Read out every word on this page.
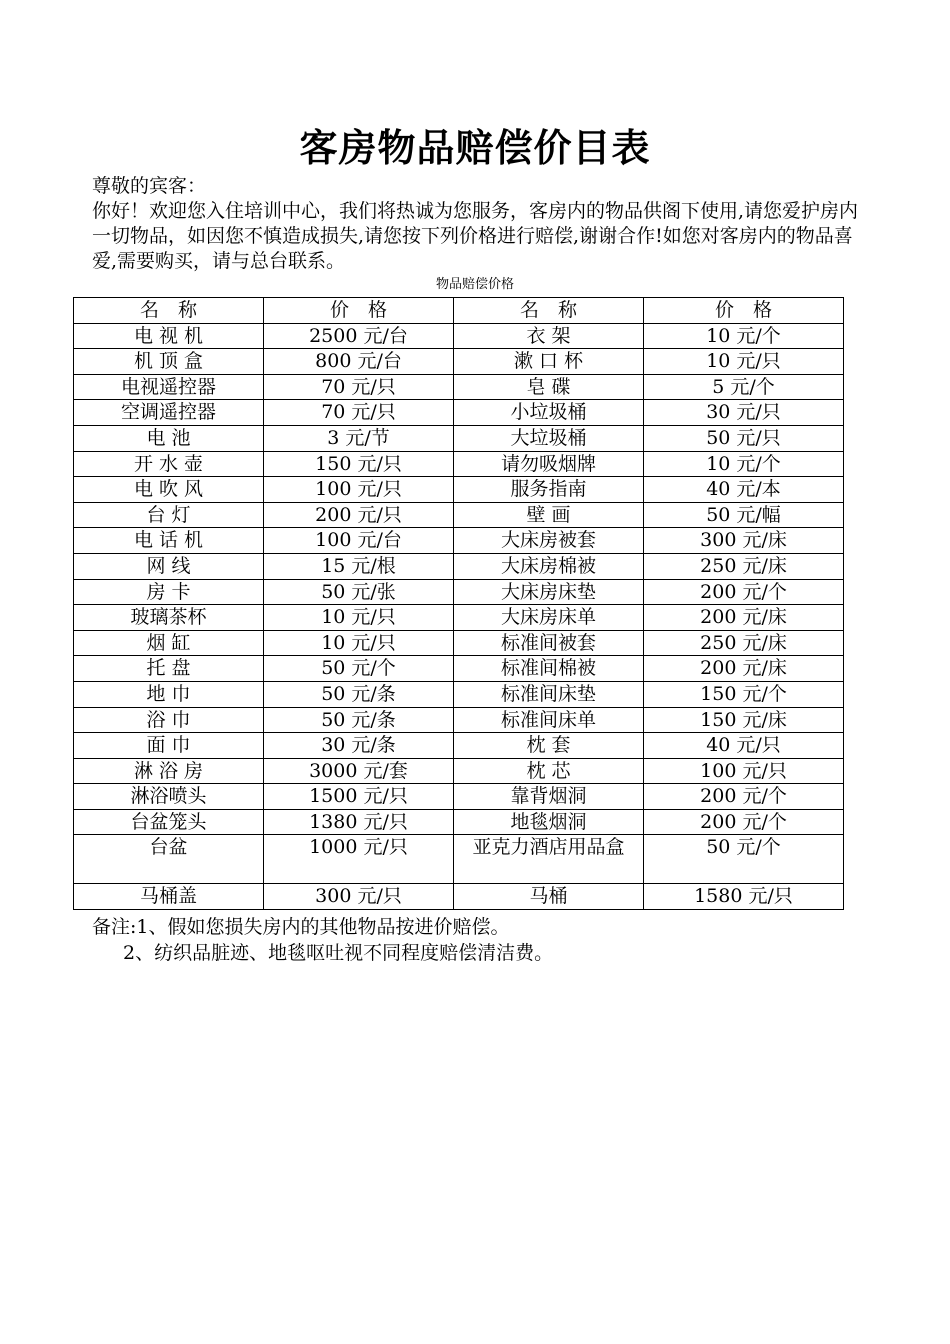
客房物品赔偿价目表

尊敬的宾客：

你好！欢迎您入住培训中心，我们将热诚为您服务，客房内的物品供阁下使用,请您爱护房内一切物品，如因您不慎造成损失,请您按下列价格进行赔偿,谢谢合作!如您对客房内的物品喜爱,需要购买，请与总台联系。

物品赔偿价格
名　称	价　格	名　称	价　格
电 视 机	2500 元/台	衣 架	10 元/个
机 顶 盒	800 元/台	漱 口 杯	10 元/只
电视遥控器	70 元/只	皂 碟	5 元/个
空调遥控器	70 元/只	小垃圾桶	30 元/只
电 池	3 元/节	大垃圾桶	50 元/只
开 水 壶	150 元/只	请勿吸烟牌	10 元/个
电 吹 风	100 元/只	服务指南	40 元/本
台 灯	200 元/只	壁 画	50 元/幅
电 话 机	100 元/台	大床房被套	300 元/床
网 线	15 元/根	大床房棉被	250 元/床
房 卡	50 元/张	大床房床垫	200 元/个
玻璃茶杯	10 元/只	大床房床单	200 元/床
烟 缸	10 元/只	标准间被套	250 元/床
托 盘	50 元/个	标准间棉被	200 元/床
地 巾	50 元/条	标准间床垫	150 元/个
浴 巾	50 元/条	标准间床单	150 元/床
面 巾	30 元/条	枕 套	40 元/只
淋 浴 房	3000 元/套	枕 芯	100 元/只
淋浴喷头	1500 元/只	靠背烟洞	200 元/个
台盆笼头	1380 元/只	地毯烟洞	200 元/个
台盆	1000 元/只	亚克力酒店用品盒	50 元/个
马桶盖	300 元/只	马桶	1580 元/只

备注:1、假如您损失房内的其他物品按进价赔偿。

2、纺织品脏迹、地毯呕吐视不同程度赔偿清洁费。
